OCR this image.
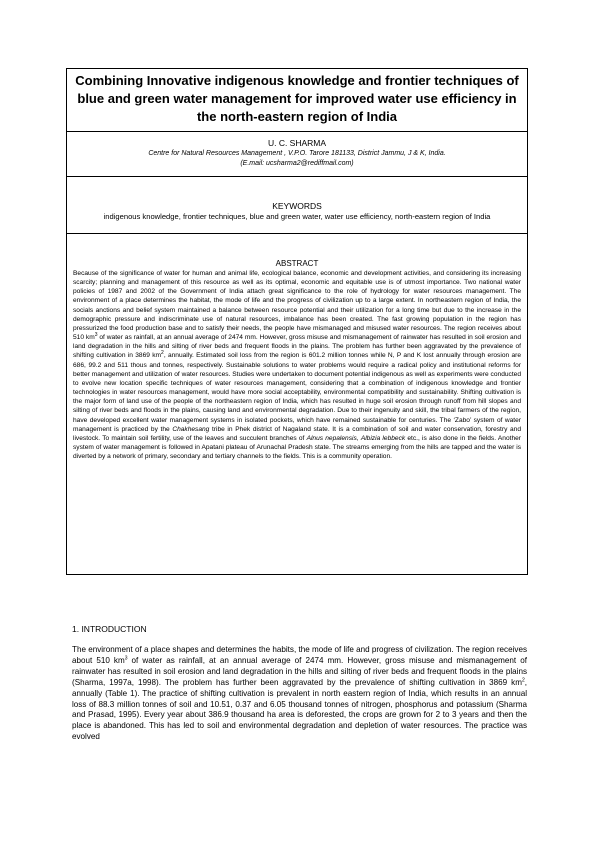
Combining Innovative indigenous knowledge and frontier techniques of blue and green water management for improved water use efficiency in the north-eastern region of India
U. C. SHARMA
Centre for Natural Resources Management , V.P.O. Tarore 181133, District Jammu, J & K, India.
(E.mail: ucsharma2@rediffmail.com)
KEYWORDS
indigenous knowledge, frontier techniques, blue and green water, water use efficiency, north-eastern region of India
ABSTRACT

Because of the significance of water for human and animal life, ecological balance, economic and development activities, and considering its increasing scarcity; planning and management of this resource as well as its optimal, economic and equitable use is of utmost importance. Two national water policies of 1987 and 2002 of the Government of India attach great significance to the role of hydrology for water resources management. The environment of a place determines the habitat, the mode of life and the progress of civilization up to a large extent. In northeastern region of India, the socials anctions and belief system maintained a balance between resource potential and their utilization for a long time but due to the increase in the demographic pressure and indiscriminate use of natural resources, imbalance has been created. The fast growing population in the region has pressurized the food production base and to satisfy their needs, the people have mismanaged and misused water resources. The region receives about 510 $km^3$ of water as rainfall, at an annual average of 2474 mm. However, gross misuse and mismanagement of rainwater has resulted in soil erosion and land degradation in the hills and silting of river beds and frequent floods in the plains. The problem has further been aggravated by the prevalence of shifting cultivation in 3869 $km^2$, annually. Estimated soil loss from the region is 601.2 million tonnes while N, P and K lost annually through erosion are 686, 99.2 and 511 thous and tonnes, respectively. Sustainable solutions to water problems would require a radical policy and institutional reforms for better management and utilization of water resources. Studies were undertaken to document potential indigenous as well as experiments were conducted to evolve new location specific techniques of water resources management, considering that a combination of indigenous knowledge and frontier technologies in water resources management, would have more social acceptability, environmental compatibility and sustainability. Shifting cultivation is the major form of land use of the people of the northeastern region of India, which has resulted in huge soil erosion through runoff from hill slopes and silting of river beds and floods in the plains, causing land and environmental degradation. Due to their ingenuity and skill, the tribal farmers of the region, have developed excellent water management systems in isolated pockets, which have remained sustainable for centuries. The ‘Zabo’ system of water management is practiced by the Chakhesang tribe in Phek district of Nagaland state. It is a combination of soil and water conservation, forestry and livestock. To maintain soil fertility, use of the leaves and succulent branches of Alnus nepalensis, Albizia lebbeck etc., is also done in the fields. Another system of water management is followed in Apatani plateau of Arunachal Pradesh state. The streams emerging from the hills are tapped and the water is diverted by a network of primary, secondary and tertiary channels to the fields. This is a community operation.

1. INTRODUCTION

The environment of a place shapes and determines the habits, the mode of life and progress of civilization. The region receives about 510 $km^3$ of water as rainfall, at an annual average of 2474 mm. However, gross misuse and mismanagement of rainwater has resulted in soil erosion and land degradation in the hills and silting of river beds and frequent floods in the plains (Sharma, 1997a, 1998). The problem has further been aggravated by the prevalence of shifting cultivation in 3869 $km^2$, annually (Table 1). The practice of shifting cultivation is prevalent in north eastern region of India, which results in an annual loss of 88.3 million tonnes of soil and 10.51, 0.37 and 6.05 thousand tonnes of nitrogen, phosphorus and potassium (Sharma and Prasad, 1995). Every year about 386.9 thousand ha area is deforested, the crops are grown for 2 to 3 years and then the place is abandoned. This has led to soil and environmental degradation and depletion of water resources. The practice was evolved
